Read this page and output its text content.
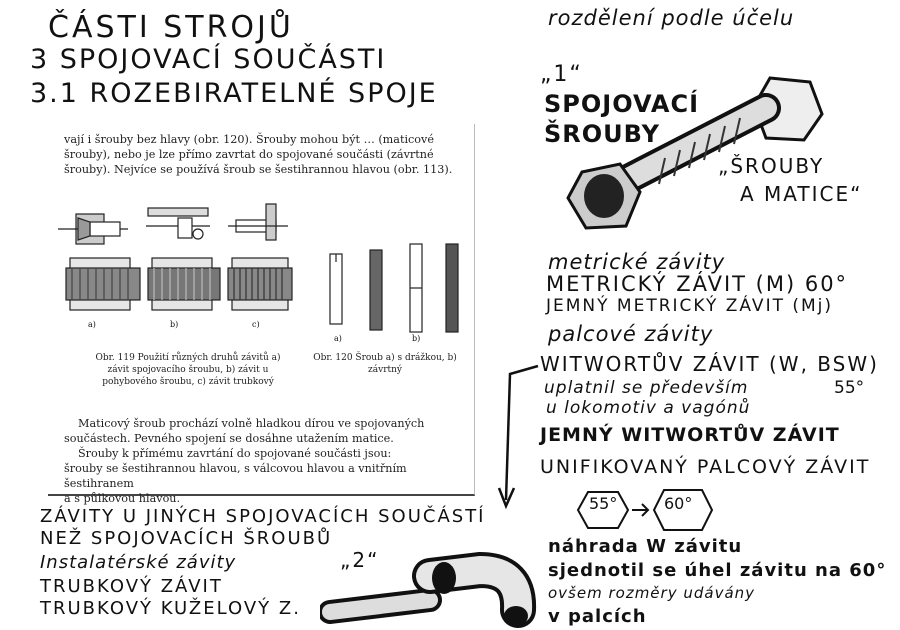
ČÁSTI STROJŮ
3 SPOJOVACÍ SOUČÁSTI
3.1 ROZEBIRATELNÉ SPOJE
vají i šrouby bez hlavy (obr. 120). Šrouby mohou být … (maticové šrouby), nebo je lze přímo zavrtat do spojované součásti (závrtné šrouby). Nejvíce se používá šroub se šestihrannou hlavou (obr. 113).
a)	b)	c)
a)	b)
Obr. 119 Použití různých druhů závitů a) závit spojovacího šroubu, b) závit u pohybového šroubu, c) závit trubkový
Obr. 120 Šroub a) s drážkou, b) závrtný
Maticový šroub prochází volně hladkou dírou ve spojovaných součástech. Pevného spojení se dosáhne utažením matice.
Šrouby k přímému zavrtání do spojované součásti jsou:
šrouby se šestihrannou hlavou, s válcovou hlavou a vnitřním šestihranem
a s půlkovou hlavou.
rozdělení podle účelu
„1“
SPOJOVACÍ
ŠROUBY
„ŠROUBY
A MATICE“
metrické závity
METRICKÝ ZÁVIT (M) 60°
JEMNÝ METRICKÝ ZÁVIT (Mj)
palcové závity
WITWORTŮV ZÁVIT (W, BSW)
uplatnil se především	55°
u lokomotiv a vagónů
JEMNÝ WITWORTŮV ZÁVIT
UNIFIKOVANÝ PALCOVÝ ZÁVIT
55°	60°
náhrada W závitu
sjednotil se úhel závitu na 60°
ovšem rozměry udávány
v palcích
ZÁVITY U JINÝCH SPOJOVACÍCH SOUČÁSTÍ
NEŽ SPOJOVACÍCH ŠROUBŮ
Instalatérské závity
TRUBKOVÝ ZÁVIT
TRUBKOVÝ KUŽELOVÝ Z.
„2“
